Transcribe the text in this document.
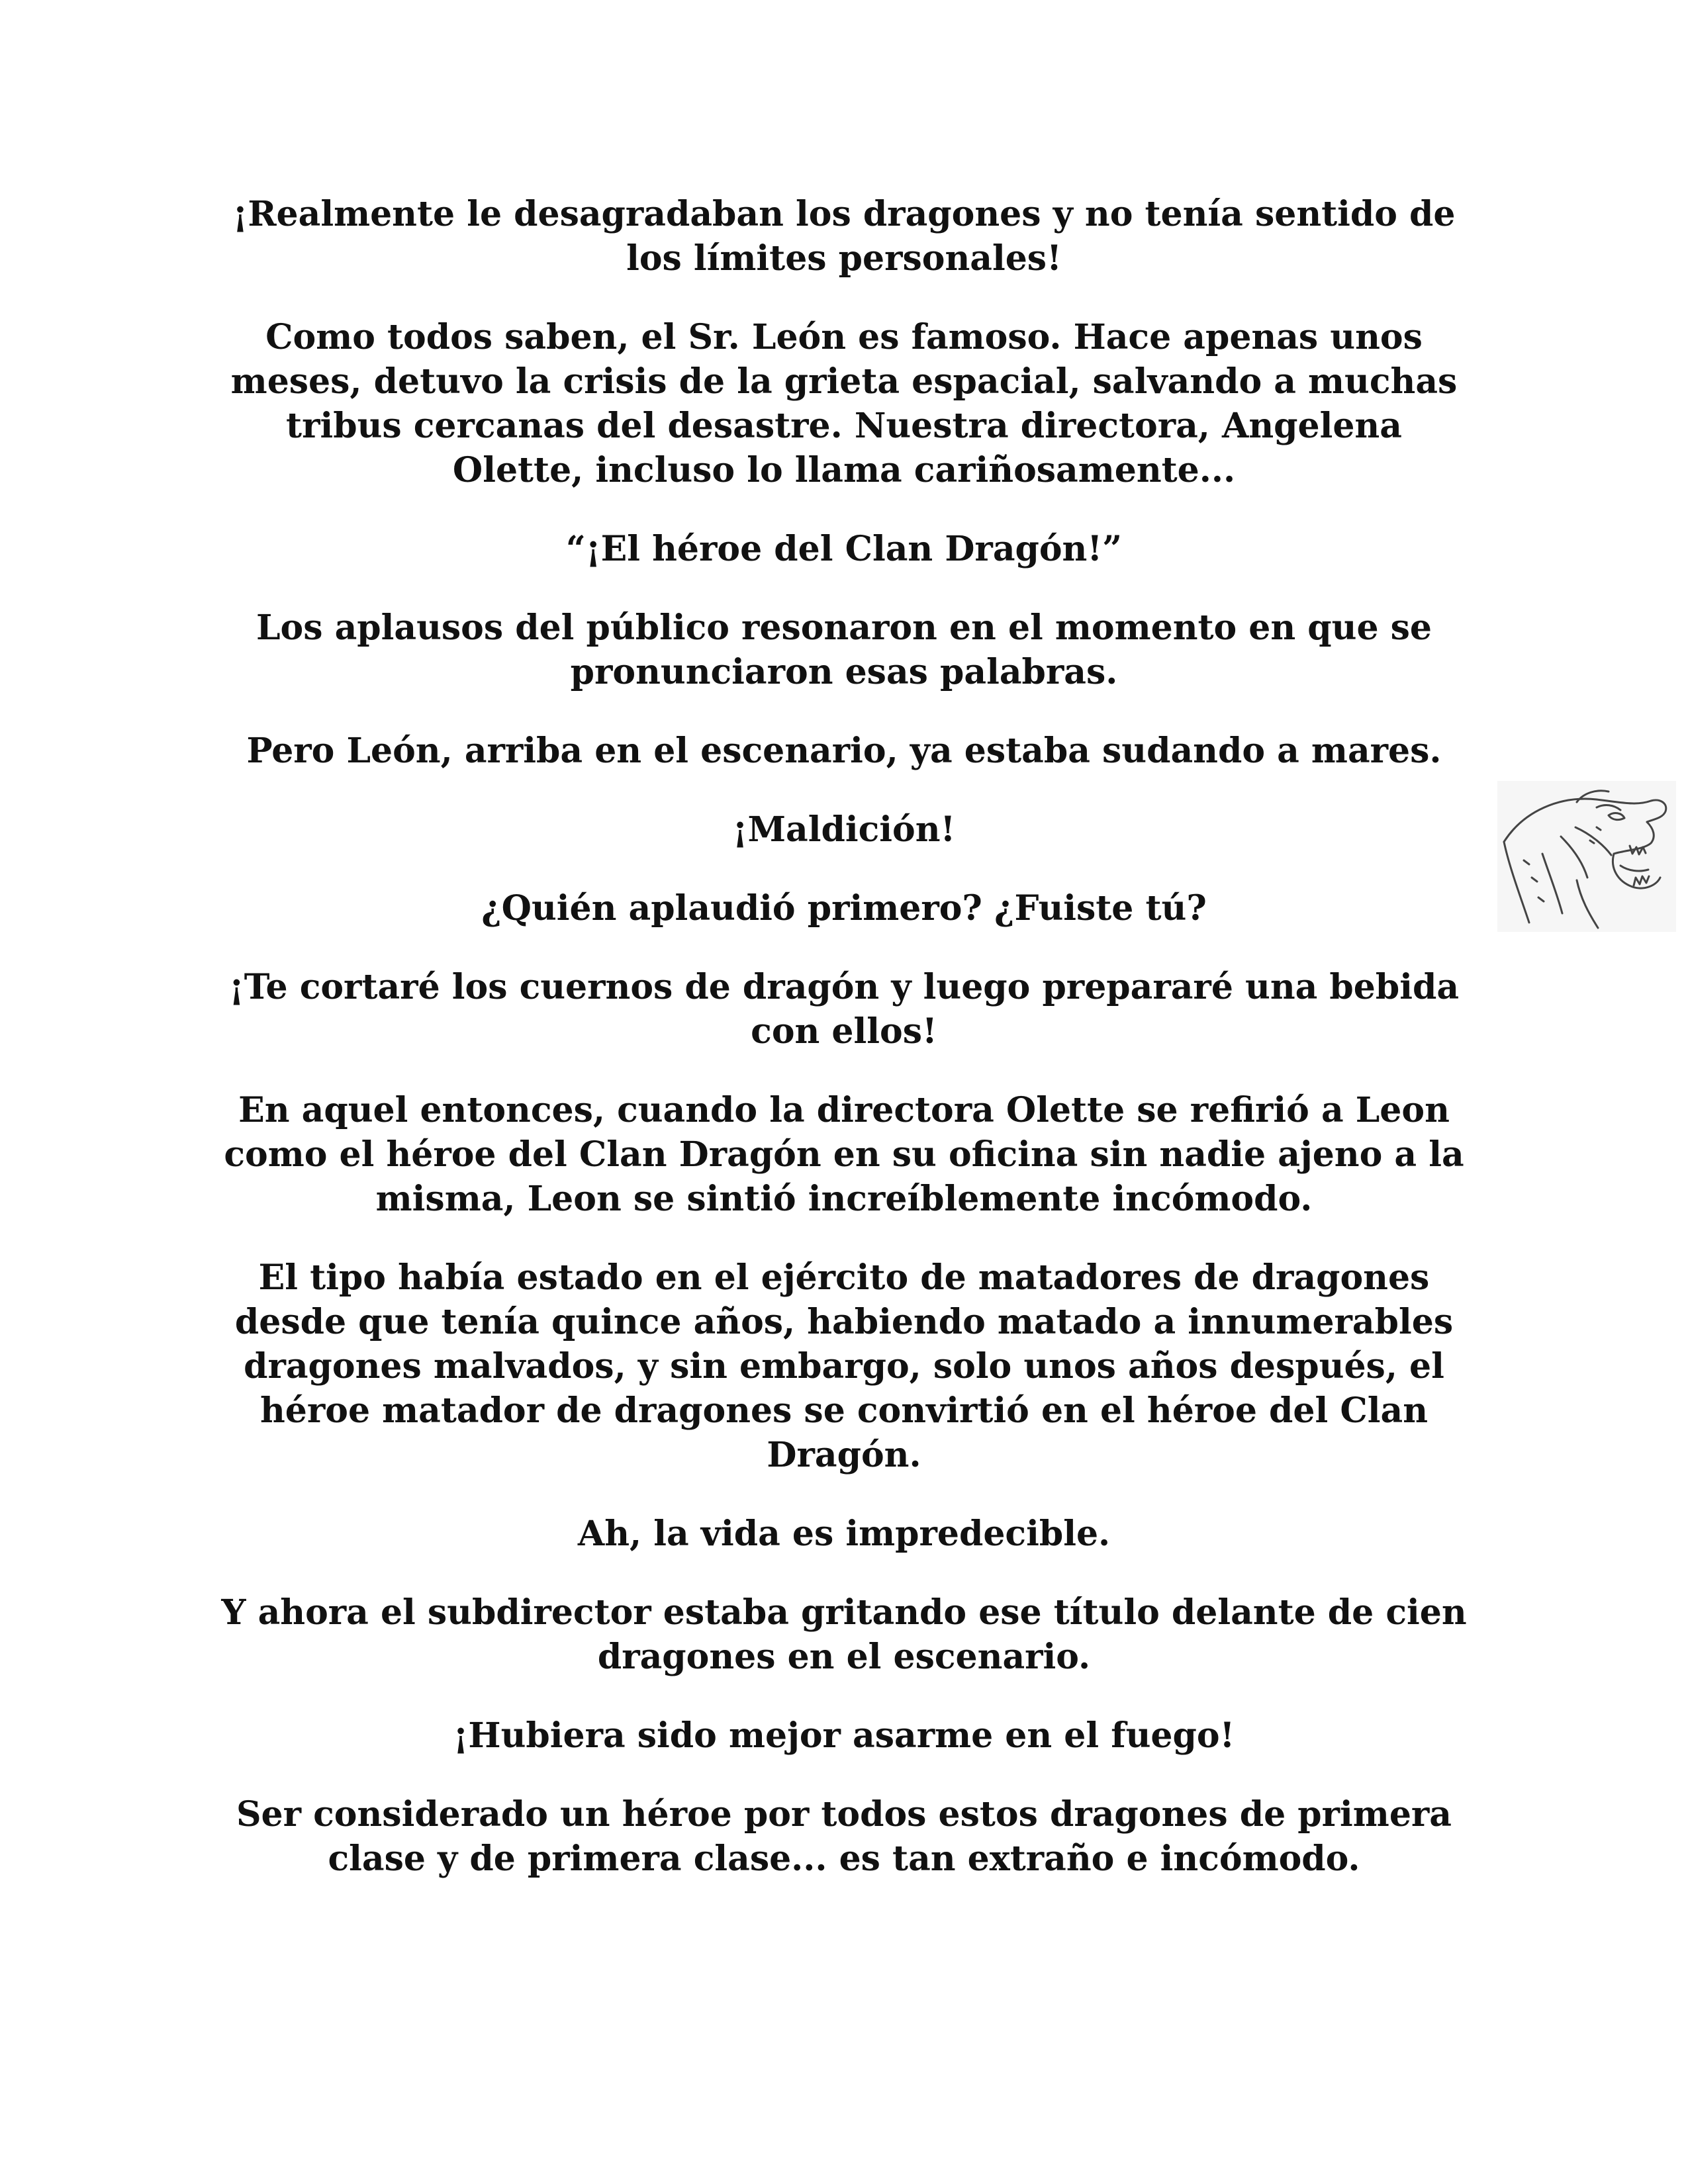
¡Realmente le desagradaban los dragones y no tenía sentido de los límites personales!

Como todos saben, el Sr. León es famoso. Hace apenas unos meses, detuvo la crisis de la grieta espacial, salvando a muchas tribus cercanas del desastre. Nuestra directora, Angelena Olette, incluso lo llama cariñosamente...

“¡El héroe del Clan Dragón!”

Los aplausos del público resonaron en el momento en que se pronunciaron esas palabras.

Pero León, arriba en el escenario, ya estaba sudando a mares.

¡Maldición!

¿Quién aplaudió primero? ¿Fuiste tú?

¡Te cortaré los cuernos de dragón y luego prepararé una bebida con ellos!

En aquel entonces, cuando la directora Olette se refirió a Leon como el héroe del Clan Dragón en su oficina sin nadie ajeno a la misma, Leon se sintió increíblemente incómodo.

El tipo había estado en el ejército de matadores de dragones desde que tenía quince años, habiendo matado a innumerables dragones malvados, y sin embargo, solo unos años después, el héroe matador de dragones se convirtió en el héroe del Clan Dragón.

Ah, la vida es impredecible.

Y ahora el subdirector estaba gritando ese título delante de cien dragones en el escenario.

¡Hubiera sido mejor asarme en el fuego!

Ser considerado un héroe por todos estos dragones de primera clase y de primera clase... es tan extraño e incómodo.
